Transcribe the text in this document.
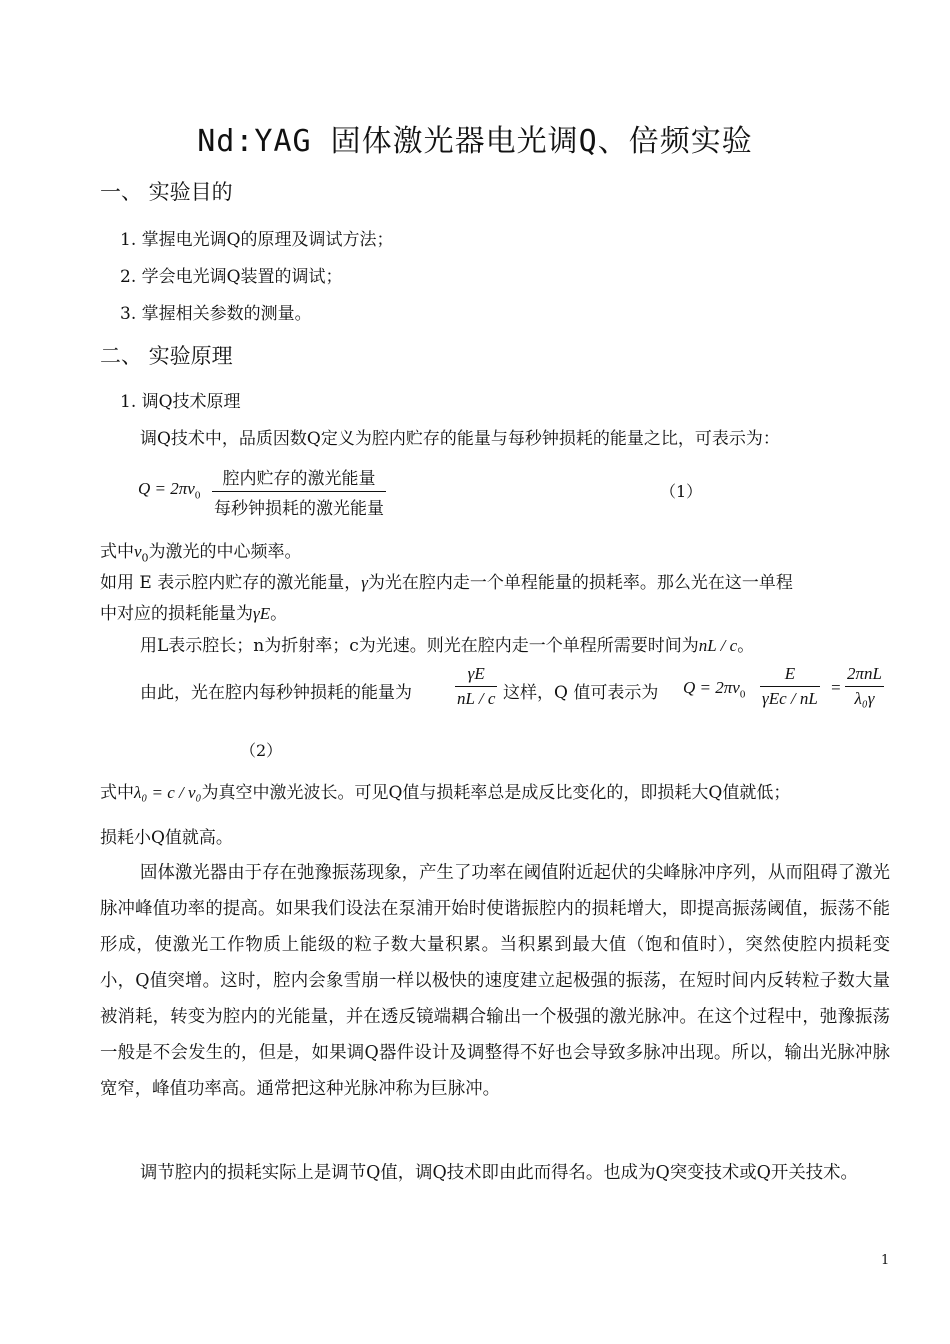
Nd:YAG 固体激光器电光调Q、倍频实验
一、 实验目的
1. 掌握电光调Q的原理及调试方法；
2. 学会电光调Q装置的调试；
3. 掌握相关参数的测量。
二、 实验原理
1. 调Q技术原理
调Q技术中，品质因数Q定义为腔内贮存的能量与每秒钟损耗的能量之比，可表示为：
$Q = 2\pi\nu_0$
腔内贮存的激光能量
每秒钟损耗的激光能量
（1）
式中$\nu_0$为激光的中心频率。
如用 E 表示腔内贮存的激光能量，γ为光在腔内走一个单程能量的损耗率。那么光在这一单程
中对应的损耗能量为γE。
用L表示腔长；n为折射率；c为光速。则光在腔内走一个单程所需要时间为nL / c。
由此，光在腔内每秒钟损耗的能量为	$\frac{\gamma E}{nL / c}$ 这样，Q 值可表示为 $Q = 2\pi\nu_0$
E
γEc / nL
=
2πnL
λ₀γ
（2）
式中λ₀ = c / ν₀为真空中激光波长。可见Q值与损耗率总是成反比变化的，即损耗大Q值就低；
损耗小Q值就高。
固体激光器由于存在弛豫振荡现象，产生了功率在阈值附近起伏的尖峰脉冲序列，从而阻碍了激光脉冲峰值功率的提高。如果我们设法在泵浦开始时使谐振腔内的损耗增大，即提高振荡阈值，振荡不能形成，使激光工作物质上能级的粒子数大量积累。当积累到最大值（饱和值时），突然使腔内损耗变小，Q值突增。这时，腔内会象雪崩一样以极快的速度建立起极强的振荡，在短时间内反转粒子数大量被消耗，转变为腔内的光能量，并在透反镜端耦合输出一个极强的激光脉冲。在这个过程中，弛豫振荡一般是不会发生的，但是，如果调Q器件设计及调整得不好也会导致多脉冲出现。所以，输出光脉冲脉宽窄，峰值功率高。通常把这种光脉冲称为巨脉冲。
调节腔内的损耗实际上是调节Q值，调Q技术即由此而得名。也成为Q突变技术或Q开关技术。
1
